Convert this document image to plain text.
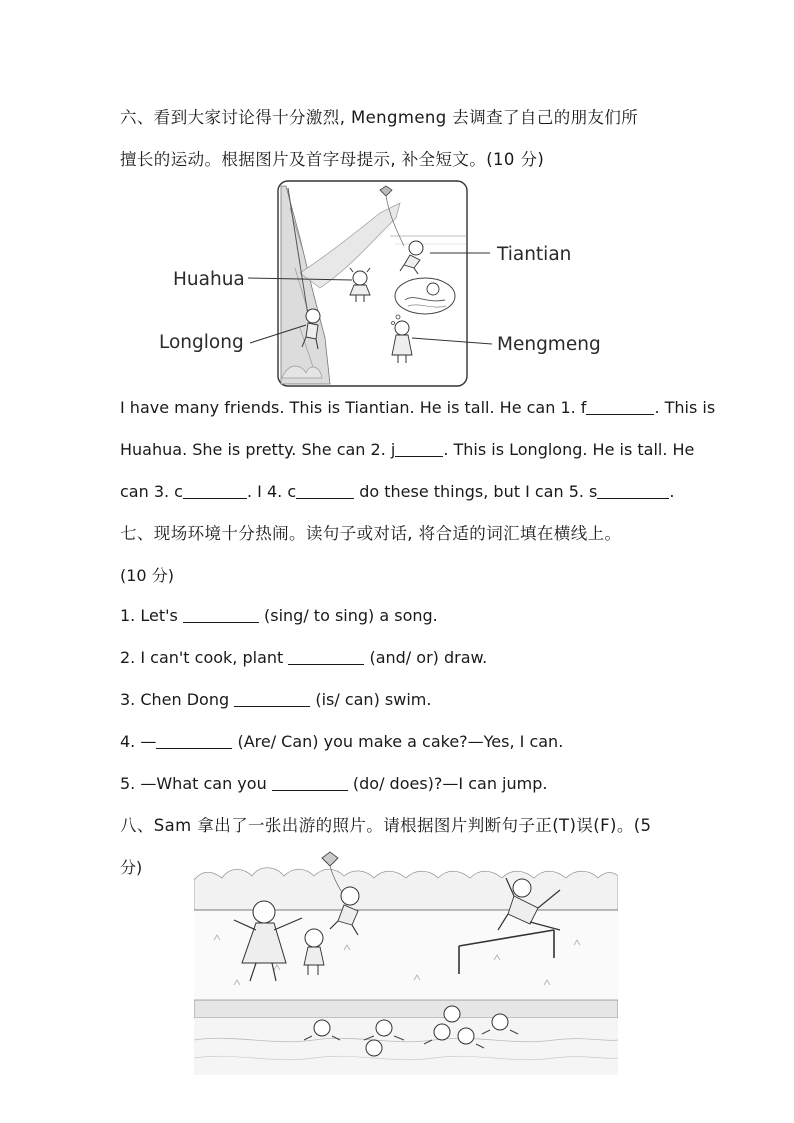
六、看到大家讨论得十分激烈, Mengmeng 去调查了自己的朋友们所

擅长的运动。根据图片及首字母提示, 补全短文。(10 分)

Tiantian
Huahua
Longlong	Mengmeng

I have many friends. This is Tiantian. He is tall. He can 1. f	. This is

Huahua. She is pretty. She can 2. j	. This is Longlong. He is tall. He

can 3. c	. I 4. c	do these things, but I can 5. s	.

七、现场环境十分热闹。读句子或对话, 将合适的词汇填在横线上。

(10 分)

1. Let's	(sing/ to sing) a song.

2. I can't cook, plant	(and/ or) draw.

3. Chen Dong	(is/ can) swim.

4. —	(Are/ Can) you make a cake?—Yes, I can.

5. —What can you	(do/ does)?—I can jump.

八、Sam 拿出了一张出游的照片。请根据图片判断句子正(T)误(F)。(5

分)
